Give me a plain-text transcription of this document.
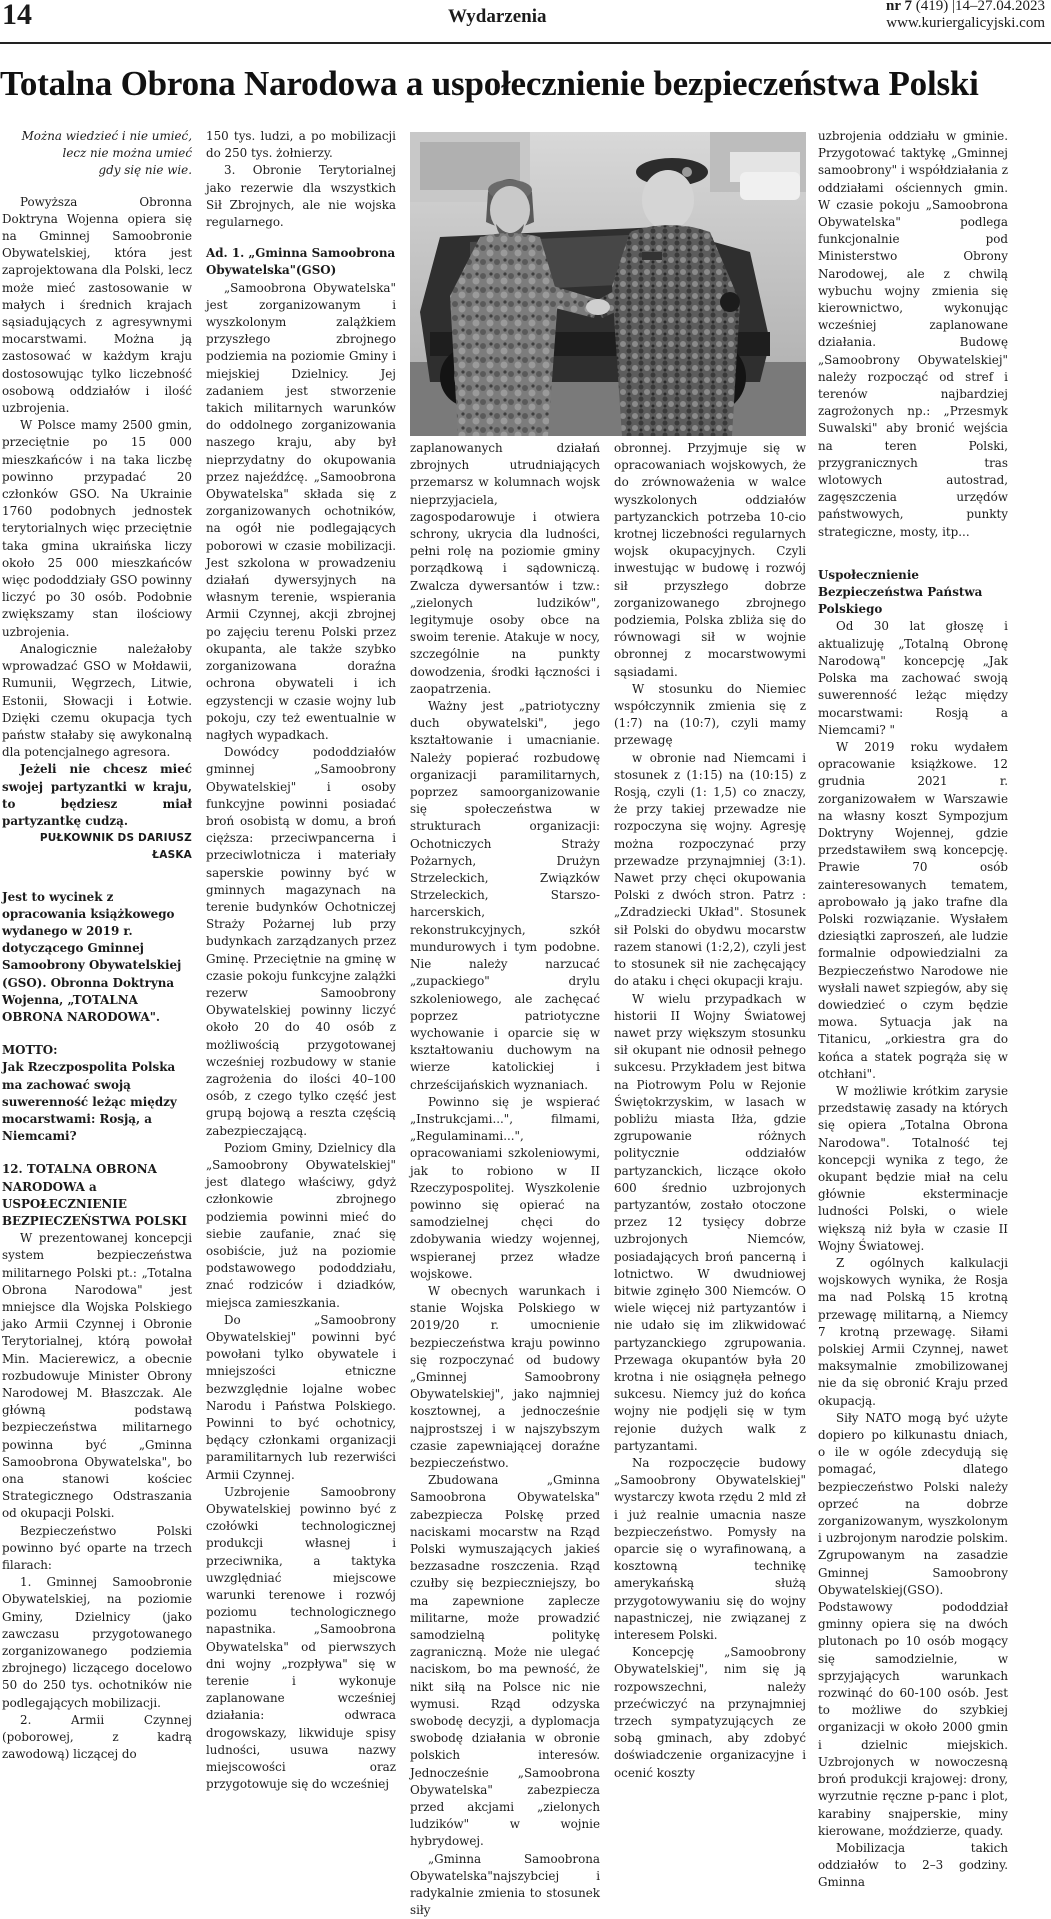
14	Wydarzenia	nr 7 (419) |14–27.04.2023
www.kuriergalicyjski.com
Totalna Obrona Narodowa a uspołecznienie bezpieczeństwa Polski

Można wiedzieć i nie umieć,

lecz nie można umieć

gdy się nie wie.

Powyższa Obronna Doktryna Wojenna opiera się na Gminnej Samoobronie Obywatelskiej, która jest zaprojektowana dla Polski, lecz może mieć zastosowanie w małych i średnich krajach sąsiadujących z agresywnymi mocarstwami. Można ją zastosować w każdym kraju dostosowując tylko liczebność osobową oddziałów i ilość uzbrojenia.

W Polsce mamy 2500 gmin, przeciętnie po 15 000 mieszkańców i na taka liczbę powinno przypadać 20 członków GSO. Na Ukrainie 1760 podobnych jednostek terytorialnych więc przeciętnie taka gmina ukraińska liczy około 25 000 mieszkańców więc pododdziały GSO powinny liczyć po 30 osób. Podobnie zwiększamy stan ilościowy uzbrojenia.

Analogicznie należałoby wprowadzać GSO w Mołdawii, Rumunii, Węgrzech, Litwie, Estonii, Słowacji i Łotwie. Dzięki czemu okupacja tych państw stałaby się awykonalną dla potencjalnego agresora.

Jeżeli nie chcesz mieć swojej partyzantki w kraju, to będziesz miał partyzantkę cudzą.

PUŁKOWNIK DS DARIUSZ ŁASKA

Jest to wycinek z opracowania książkowego wydanego w 2019 r. dotyczącego Gminnej Samoobrony Obywatelskiej (GSO). Obronna Doktryna Wojenna, „TOTALNA OBRONA NARODOWA".

MOTTO:

Jak Rzeczpospolita Polska ma zachować swoją suwerenność leżąc między mocarstwami: Rosją, a Niemcami?

12. TOTALNA OBRONA NARODOWA a USPOŁECZNIENIE BEZPIECZEŃSTWA POLSKI

W prezentowanej koncepcji system bezpieczeństwa militarnego Polski pt.: „Totalna Obrona Narodowa" jest mniejsce dla Wojska Polskiego jako Armii Czynnej i Obronie Terytorialnej, którą powołał Min. Macierewicz, a obecnie rozbudowuje Minister Obrony Narodowej M. Błaszczak. Ale główną podstawą bezpieczeństwa militarnego powinna być „Gminna Samoobrona Obywatelska", bo ona stanowi kościec Strategicznego Odstraszania od okupacji Polski.

Bezpieczeństwo Polski powinno być oparte na trzech filarach:

1. Gminnej Samoobronie Obywatelskiej, na poziomie Gminy, Dzielnicy (jako zawczasu przygotowanego zorganizowanego podziemia zbrojnego) liczącego docelowo 50 do 250 tys. ochotników nie podlegających mobilizacji.

2. Armii Czynnej (poborowej, z kadrą zawodową) liczącej do

150 tys. ludzi, a po mobilizacji do 250 tys. żołnierzy.

3. Obronie Terytorialnej jako rezerwie dla wszystkich Sił Zbrojnych, ale nie wojska regularnego.

Ad. 1. „Gminna Samoobrona Obywatelska"(GSO)

„Samoobrona Obywatelska" jest zorganizowanym i wyszkolonym zalążkiem przyszłego zbrojnego podziemia na poziomie Gminy i miejskiej Dzielnicy. Jej zadaniem jest stworzenie takich militarnych warunków do oddolnego zorganizowania naszego kraju, aby był nieprzydatny do okupowania przez najeźdźcę. „Samoobrona Obywatelska" składa się z zorganizowanych ochotników, na ogół nie podlegających poborowi w czasie mobilizacji. Jest szkolona w prowadzeniu działań dywersyjnych na własnym terenie, wspierania Armii Czynnej, akcji zbrojnej po zajęciu terenu Polski przez okupanta, ale także szybko zorganizowana doraźna ochrona obywateli i ich egzystencji w czasie wojny lub pokoju, czy też ewentualnie w nagłych wypadkach.

Dowódcy pododdziałów gminnej „Samoobrony Obywatelskiej" i osoby funkcyjne powinni posiadać broń osobistą w domu, a broń cięższa: przeciwpancerna i przeciwlotnicza i materiały saperskie powinny być w gminnych magazynach na terenie budynków Ochotniczej Straży Pożarnej lub przy budynkach zarządzanych przez Gminę. Przeciętnie na gminę w czasie pokoju funkcyjne zalążki rezerw Samoobrony Obywatelskiej powinny liczyć około 20 do 40 osób z możliwością przygotowanej wcześniej rozbudowy w stanie zagrożenia do ilości 40–100 osób, z czego tylko część jest grupą bojową a reszta częścią zabezpieczającą.

Poziom Gminy, Dzielnicy dla „Samoobrony Obywatelskiej" jest dlatego właściwy, gdyż członkowie zbrojnego podziemia powinni mieć do siebie zaufanie, znać się osobiście, już na poziomie podstawowego pododdziału, znać rodziców i dziadków, miejsca zamieszkania.

Do „Samoobrony Obywatelskiej" powinni być powołani tylko obywatele i mniejszości etniczne bezwzględnie lojalne wobec Narodu i Państwa Polskiego. Powinni to być ochotnicy, będący członkami organizacji paramilitarnych lub rezerwiści Armii Czynnej.

Uzbrojenie Samoobrony Obywatelskiej powinno być z czołówki technologicznej produkcji własnej i przeciwnika, a taktyka uwzględniać miejscowe warunki terenowe i rozwój poziomu technologicznego napastnika. „Samoobrona Obywatelska" od pierwszych dni wojny „rozpływa" się w terenie i wykonuje zaplanowane wcześniej działania: odwraca drogowskazy, likwiduje spisy ludności, usuwa nazwy miejscowości oraz przygotowuje się do wcześniej

zaplanowanych działań zbrojnych utrudniających przemarsz w kolumnach wojsk nieprzyjaciela, zagospodarowuje i otwiera schrony, ukrycia dla ludności, pełni rolę na poziomie gminy porządkową i sądowniczą. Zwalcza dywersantów i tzw.: „zielonych ludzików", legitymuje osoby obce na swoim terenie. Atakuje w nocy, szczególnie na punkty dowodzenia, środki łączności i zaopatrzenia.

Ważny jest „patriotyczny duch obywatelski", jego kształtowanie i umacnianie. Należy popierać rozbudowę organizacji paramilitarnych, poprzez samoorganizowanie się społeczeństwa w strukturach organizacji: Ochotniczych Straży Pożarnych, Drużyn Strzeleckich, Związków Strzeleckich, Starszo-harcerskich, rekonstrukcyjnych, szkół mundurowych i tym podobne. Nie należy narzucać „zupackiego" drylu szkoleniowego, ale zachęcać poprzez patriotyczne wychowanie i oparcie się w kształtowaniu duchowym na wierze katolickiej i chrześcijańskich wyznaniach.

Powinno się je wspierać „Instrukcjami...", filmami, „Regulaminami...", opracowaniami szkoleniowymi, jak to robiono w II Rzeczypospolitej. Wyszkolenie powinno się opierać na samodzielnej chęci do zdobywania wiedzy wojennej, wspieranej przez władze wojskowe.

W obecnych warunkach i stanie Wojska Polskiego w 2019/20 r. umocnienie bezpieczeństwa kraju powinno się rozpoczynać od budowy „Gminnej Samoobrony Obywatelskiej", jako najmniej kosztownej, a jednocześnie najprostszej i w najszybszym czasie zapewniającej doraźne bezpieczeństwo.

Zbudowana „Gminna Samoobrona Obywatelska" zabezpiecza Polskę przed naciskami mocarstw na Rząd Polski wymuszających jakieś bezzasadne roszczenia. Rząd czułby się bezpieczniejszy, bo ma zapewnione zaplecze militarne, może prowadzić samodzielną politykę zagraniczną. Może nie ulegać naciskom, bo ma pewność, że nikt siłą na Polsce nic nie wymusi. Rząd odzyska swobodę decyzji, a dyplomacja swobodę działania w obronie polskich interesów. Jednocześnie „Samoobrona Obywatelska" zabezpiecza przed akcjami „zielonych ludzików" w wojnie hybrydowej.

„Gminna Samoobrona Obywatelska"najszybciej i radykalnie zmienia to stosunek siły

obronnej. Przyjmuje się w opracowaniach wojskowych, że do zrównoważenia w walce wyszkolonych oddziałów partyzanckich potrzeba 10-cio krotnej liczebności regularnych wojsk okupacyjnych. Czyli inwestując w budowę i rozwój sił przyszłego dobrze zorganizowanego zbrojnego podziemia, Polska zbliża się do równowagi sił w wojnie obronnej z mocarstwowymi sąsiadami.

W stosunku do Niemiec współczynnik zmienia się z (1:7) na (10:7), czyli mamy przewagę

w obronie nad Niemcami i stosunek z (1:15) na (10:15) z Rosją, czyli (1: 1,5) co znaczy, że przy takiej przewadze nie rozpoczyna się wojny. Agresję można rozpoczynać przy przewadze przynajmniej (3:1). Nawet przy chęci okupowania Polski z dwóch stron. Patrz : „Zdradziecki Układ". Stosunek sił Polski do obydwu mocarstw razem stanowi (1:2,2), czyli jest to stosunek sił nie zachęcający do ataku i chęci okupacji kraju.

W wielu przypadkach w historii II Wojny Światowej nawet przy większym stosunku sił okupant nie odnosił pełnego sukcesu. Przykładem jest bitwa na Piotrowym Polu w Rejonie Świętokrzyskim, w lasach w pobliżu miasta Iłża, gdzie zgrupowanie różnych politycznie oddziałów partyzanckich, liczące około 600 średnio uzbrojonych partyzantów, zostało otoczone przez 12 tysięcy dobrze uzbrojonych Niemców, posiadających broń pancerną i lotnictwo. W dwudniowej bitwie zginęło 300 Niemców. O wiele więcej niż partyzantów i nie udało się im zlikwidować partyzanckiego zgrupowania. Przewaga okupantów była 20 krotna i nie osiągnęła pełnego sukcesu. Niemcy już do końca wojny nie podjęli się w tym rejonie dużych walk z partyzantami.

Na rozpoczęcie budowy „Samoobrony Obywatelskiej" wystarczy kwota rzędu 2 mld zł i już realnie umacnia nasze bezpieczeństwo. Pomysły na oparcie się o wyrafinowaną, a kosztowną technikę amerykańską służą przygotowywaniu się do wojny napastniczej, nie związanej z interesem Polski.

Koncepcję „Samoobrony Obywatelskiej", nim się ją rozpowszechni, należy przećwiczyć na przynajmniej trzech sympatyzujących ze sobą gminach, aby zdobyć doświadczenie organizacyjne i ocenić koszty

uzbrojenia oddziału w gminie. Przygotować taktykę „Gminnej samoobrony" i współdziałania z oddziałami ościennych gmin. W czasie pokoju „Samoobrona Obywatelska" podlega funkcjonalnie pod Ministerstwo Obrony Narodowej, ale z chwilą wybuchu wojny zmienia się kierownictwo, wykonując wcześniej zaplanowane działania. Budowę „Samoobrony Obywatelskiej" należy rozpocząć od stref i terenów najbardziej zagrożonych np.: „Przesmyk Suwalski" aby bronić wejścia na teren Polski, przygranicznych tras wlotowych autostrad, zagęszczenia urzędów państwowych, punkty strategiczne, mosty, itp...

Uspołecznienie Bezpieczeństwa Państwa Polskiego

Od 30 lat głoszę i aktualizuję „Totalną Obronę Narodową" koncepcję „Jak Polska ma zachować swoją suwerenność leżąc między mocarstwami: Rosją a Niemcami? "

W 2019 roku wydałem opracowanie książkowe. 12 grudnia 2021 r. zorganizowałem w Warszawie na własny koszt Sympozjum Doktryny Wojennej, gdzie przedstawiłem swą koncepcję. Prawie 70 osób zainteresowanych tematem, aprobowało ją jako trafne dla Polski rozwiązanie. Wysłałem dziesiątki zaproszeń, ale ludzie formalnie odpowiedzialni za Bezpieczeństwo Narodowe nie wysłali nawet szpiegów, aby się dowiedzieć o czym będzie mowa. Sytuacja jak na Titanicu, „orkiestra gra do końca a statek pogrąża się w otchłani".

W możliwie krótkim zarysie przedstawię zasady na których się opiera „Totalna Obrona Narodowa". Totalność tej koncepcji wynika z tego, że okupant będzie miał na celu głównie eksterminacje ludności Polski, o wiele większą niż była w czasie II Wojny Światowej.

Z ogólnych kalkulacji wojskowych wynika, że Rosja ma nad Polską 15 krotną przewagę militarną, a Niemcy 7 krotną przewagę. Siłami polskiej Armii Czynnej, nawet maksymalnie zmobilizowanej nie da się obronić Kraju przed okupacją.

Siły NATO mogą być użyte dopiero po kilkunastu dniach, o ile w ogóle zdecydują się pomagać, dlatego bezpieczeństwo Polski należy oprzeć na dobrze zorganizowanym, wyszkolonym i uzbrojonym narodzie polskim. Zgrupowanym na zasadzie Gminnej Samoobrony Obywatelskiej(GSO). Podstawowy pododdział gminny opiera się na dwóch plutonach po 10 osób mogący się samodzielnie, w sprzyjających warunkach rozwinąć do 60-100 osób. Jest to możliwe do szybkiej organizacji w około 2000 gmin i dzielnic miejskich. Uzbrojonych w nowoczesną broń produkcji krajowej: drony, wyrzutnie ręczne p-panc i plot, karabiny snajperskie, miny kierowane, moździerze, quady.

Mobilizacja takich oddziałów to 2–3 godziny. Gminna
